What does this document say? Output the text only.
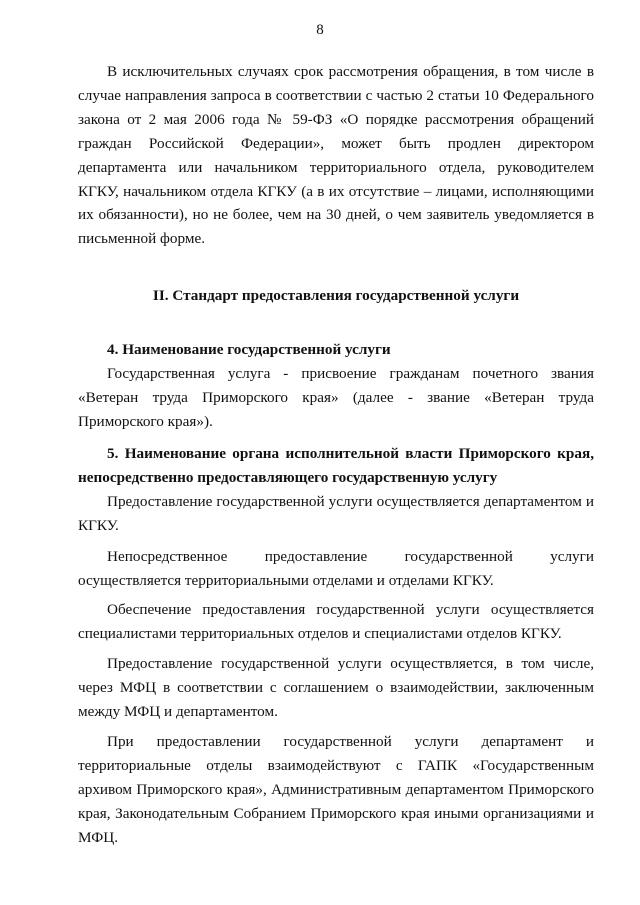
8
В исключительных случаях срок рассмотрения обращения, в том числе в случае направления запроса в соответствии с частью 2 статьи 10 Федерального закона от 2 мая 2006 года № 59-ФЗ «О порядке рассмотрения обращений граждан Российской Федерации», может быть продлен директором департамента или начальником территориального отдела, руководителем КГКУ, начальником отдела КГКУ (а в их отсутствие – лицами, исполняющими их обязанности), но не более, чем на 30 дней, о чем заявитель уведомляется в письменной форме.
II. Стандарт предоставления государственной услуги
4. Наименование государственной услуги
Государственная услуга - присвоение гражданам почетного звания «Ветеран труда Приморского края» (далее - звание «Ветеран труда Приморского края»).
5. Наименование органа исполнительной власти Приморского края, непосредственно предоставляющего государственную услугу
Предоставление государственной услуги осуществляется департаментом и КГКУ.
Непосредственное предоставление государственной услуги
осуществляется территориальными отделами и отделами КГКУ.
Обеспечение предоставления государственной услуги осуществляется специалистами территориальных отделов и специалистами отделов КГКУ.
Предоставление государственной услуги осуществляется, в том числе, через МФЦ в соответствии с соглашением о взаимодействии, заключенным между МФЦ и департаментом.
При предоставлении государственной услуги департамент и территориальные отделы взаимодействуют с ГАПК «Государственным архивом Приморского края», Административным департаментом Приморского края, Законодательным Собранием Приморского края иными организациями и МФЦ.
